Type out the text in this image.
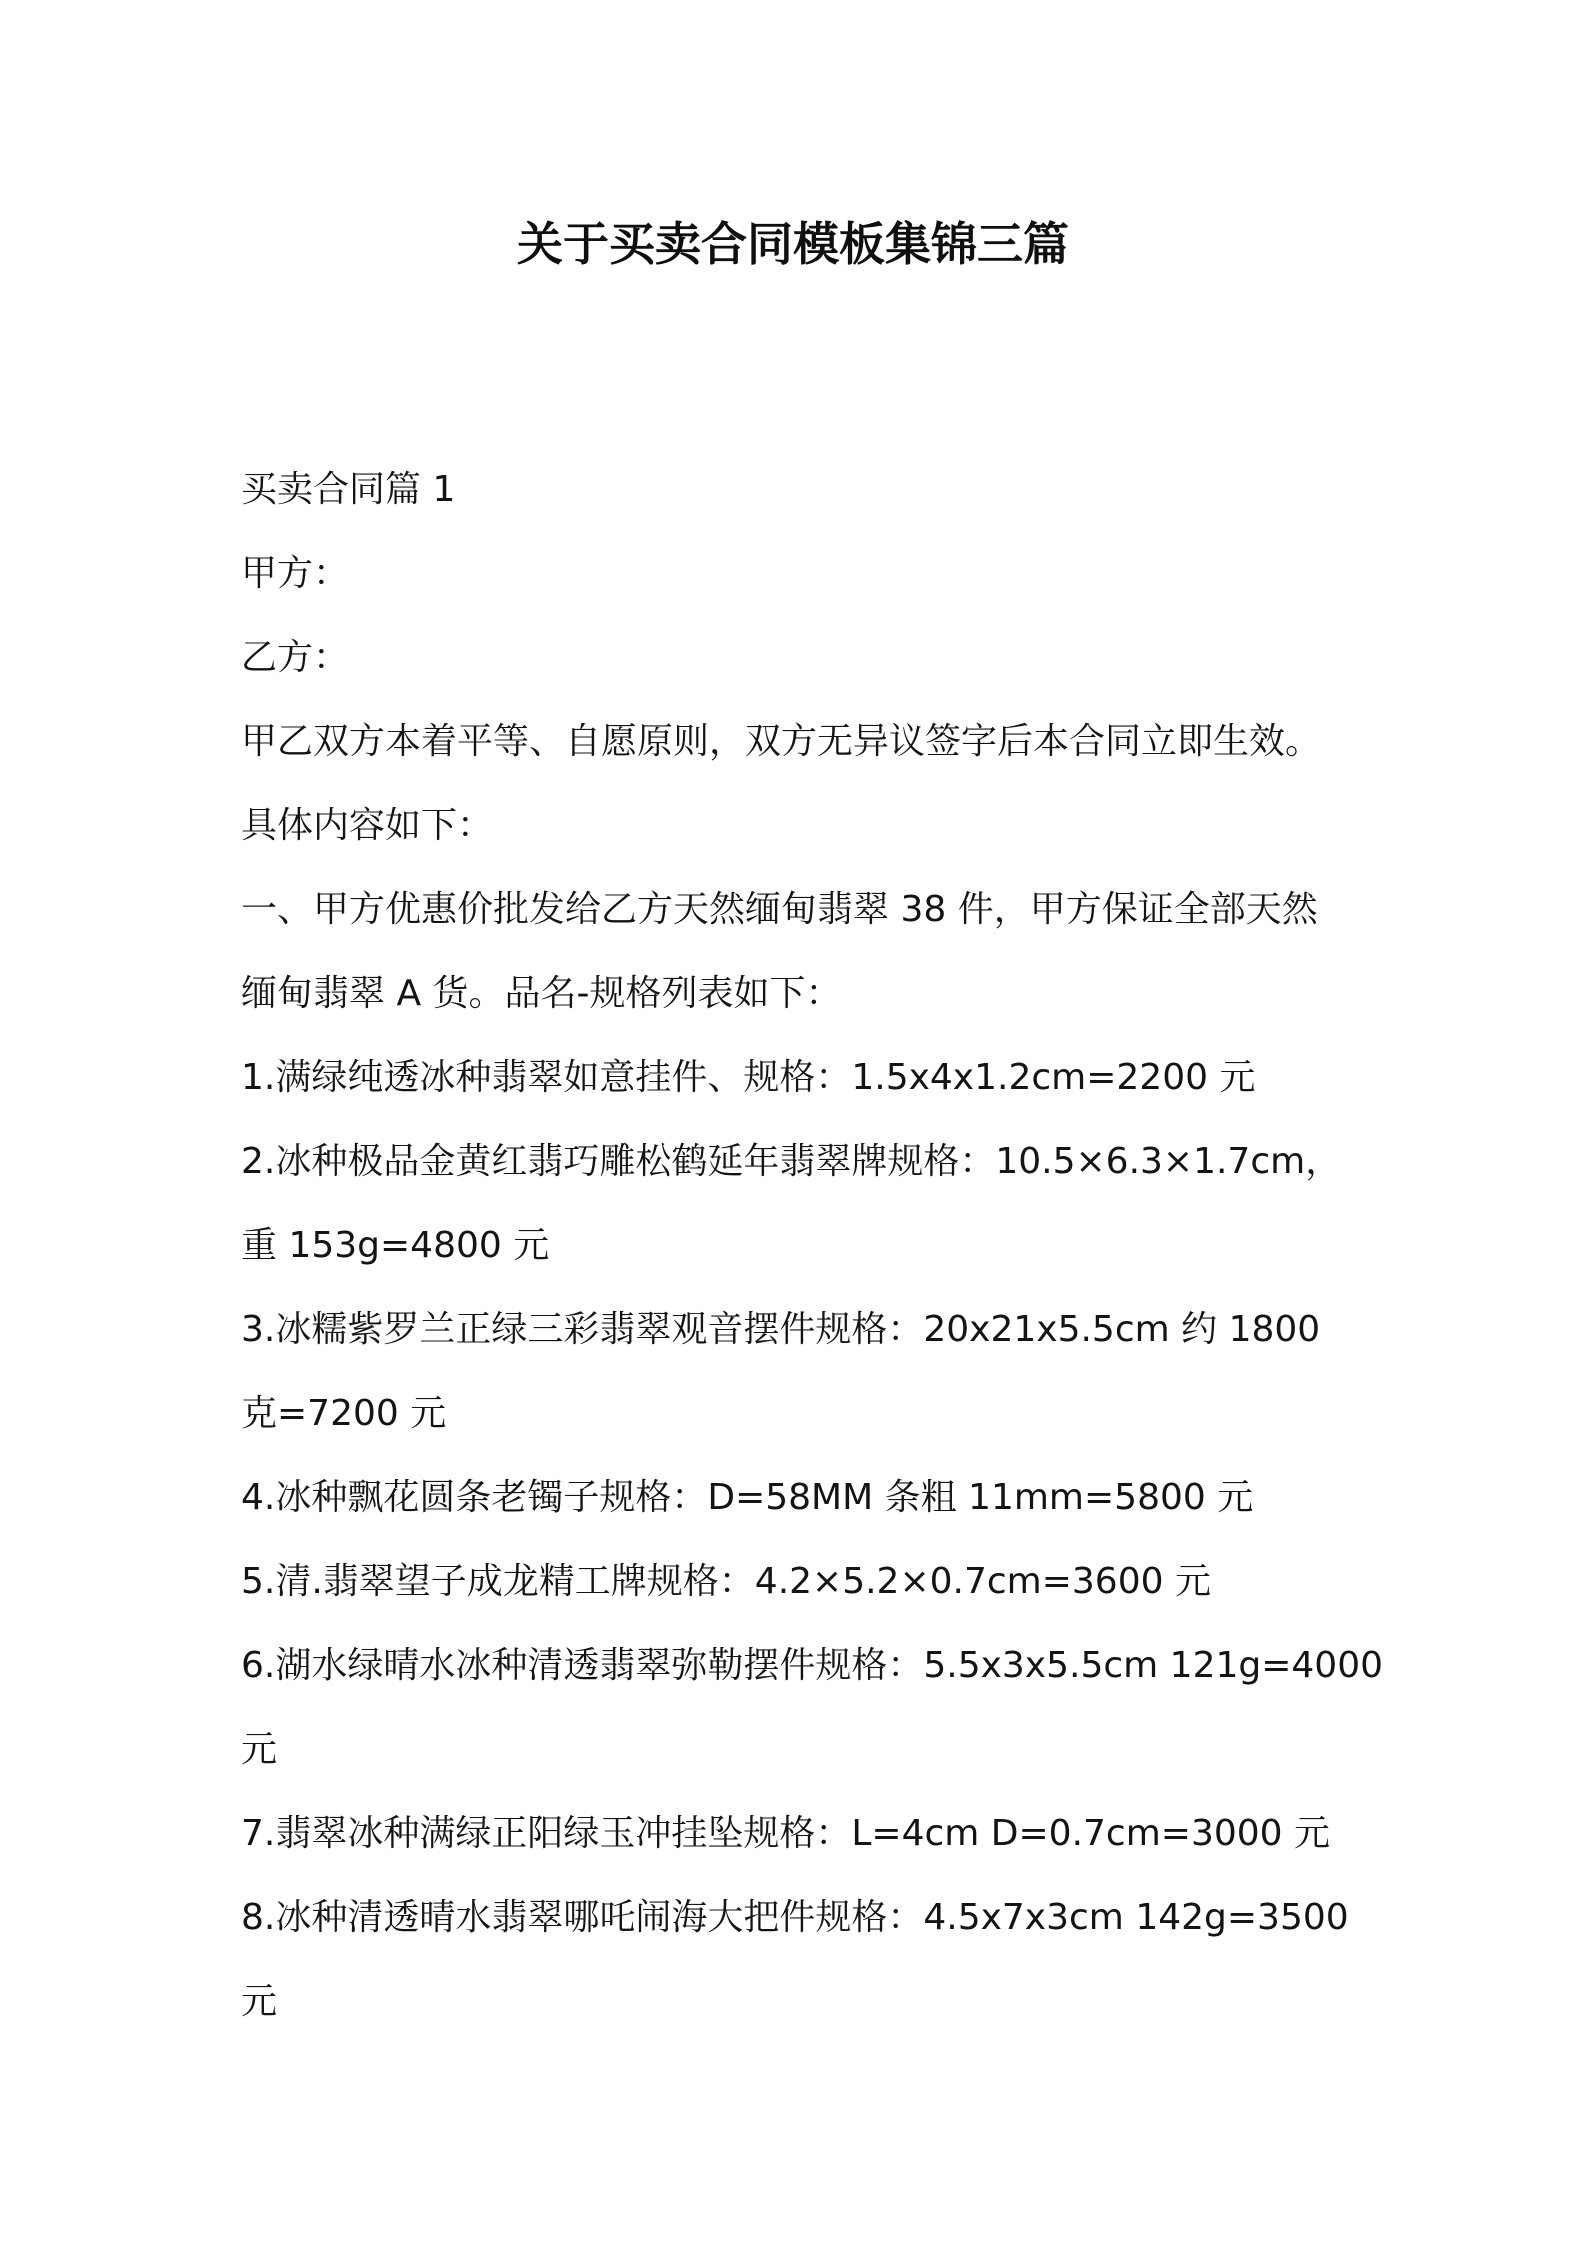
关于买卖合同模板集锦三篇

买卖合同篇 1

甲方：

乙方：

甲乙双方本着平等、自愿原则，双方无异议签字后本合同立即生效。

具体内容如下：

一、甲方优惠价批发给乙方天然缅甸翡翠 38 件，甲方保证全部天然

缅甸翡翠 A 货。品名-规格列表如下：

1.满绿纯透冰种翡翠如意挂件、规格：1.5x4x1.2cm=2200 元

2.冰种极品金黄红翡巧雕松鹤延年翡翠牌规格：10.5×6.3×1.7cm，

重 153g=4800 元

3.冰糯紫罗兰正绿三彩翡翠观音摆件规格：20x21x5.5cm 约 1800

克=7200 元

4.冰种飘花圆条老镯子规格：D=58MM 条粗 11mm=5800 元

5.清.翡翠望子成龙精工牌规格：4.2×5.2×0.7cm=3600 元

6.湖水绿晴水冰种清透翡翠弥勒摆件规格：5.5x3x5.5cm 121g=4000

元

7.翡翠冰种满绿正阳绿玉冲挂坠规格：L=4cm D=0.7cm=3000 元

8.冰种清透晴水翡翠哪吒闹海大把件规格：4.5x7x3cm 142g=3500

元
